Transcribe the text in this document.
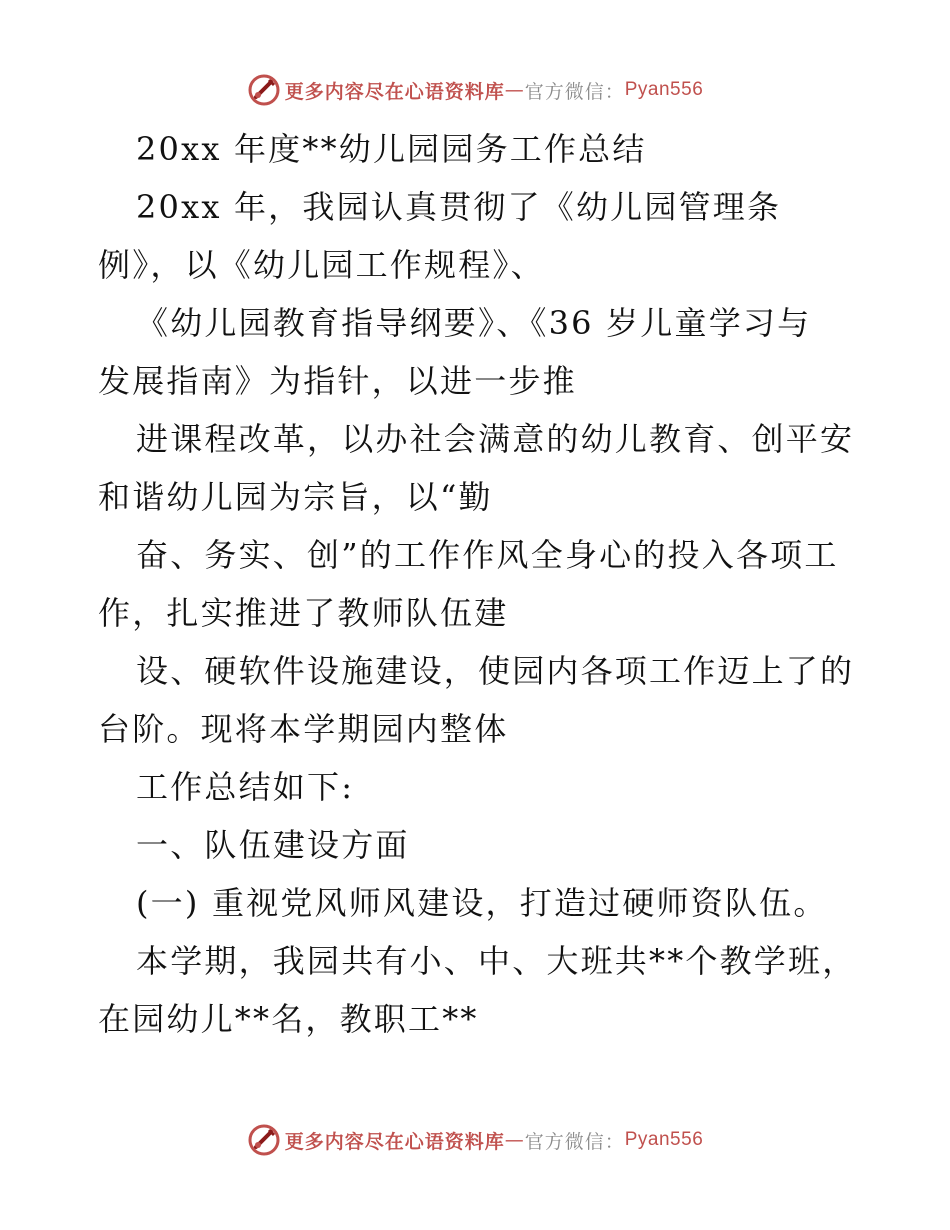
更多内容尽在心语资料库 — 官方微信： Pyan556
20xx 年度**幼儿园园务工作总结
20xx 年，我园认真贯彻了《幼儿园管理条
例》，以《幼儿园工作规程》、
《幼儿园教育指导纲要》、《36 岁儿童学习与
发展指南》为指针，以进一步推
进课程改革，以办社会满意的幼儿教育、创平安
和谐幼儿园为宗旨，以“勤
奋、务实、创”的工作作风全身心的投入各项工
作，扎实推进了教师队伍建
设、硬软件设施建设，使园内各项工作迈上了的
台阶。现将本学期园内整体
工作总结如下:
一、队伍建设方面
(一) 重视党风师风建设，打造过硬师资队伍。
本学期，我园共有小、中、大班共**个教学班，
在园幼儿**名，教职工**
更多内容尽在心语资料库 — 官方微信： Pyan556
